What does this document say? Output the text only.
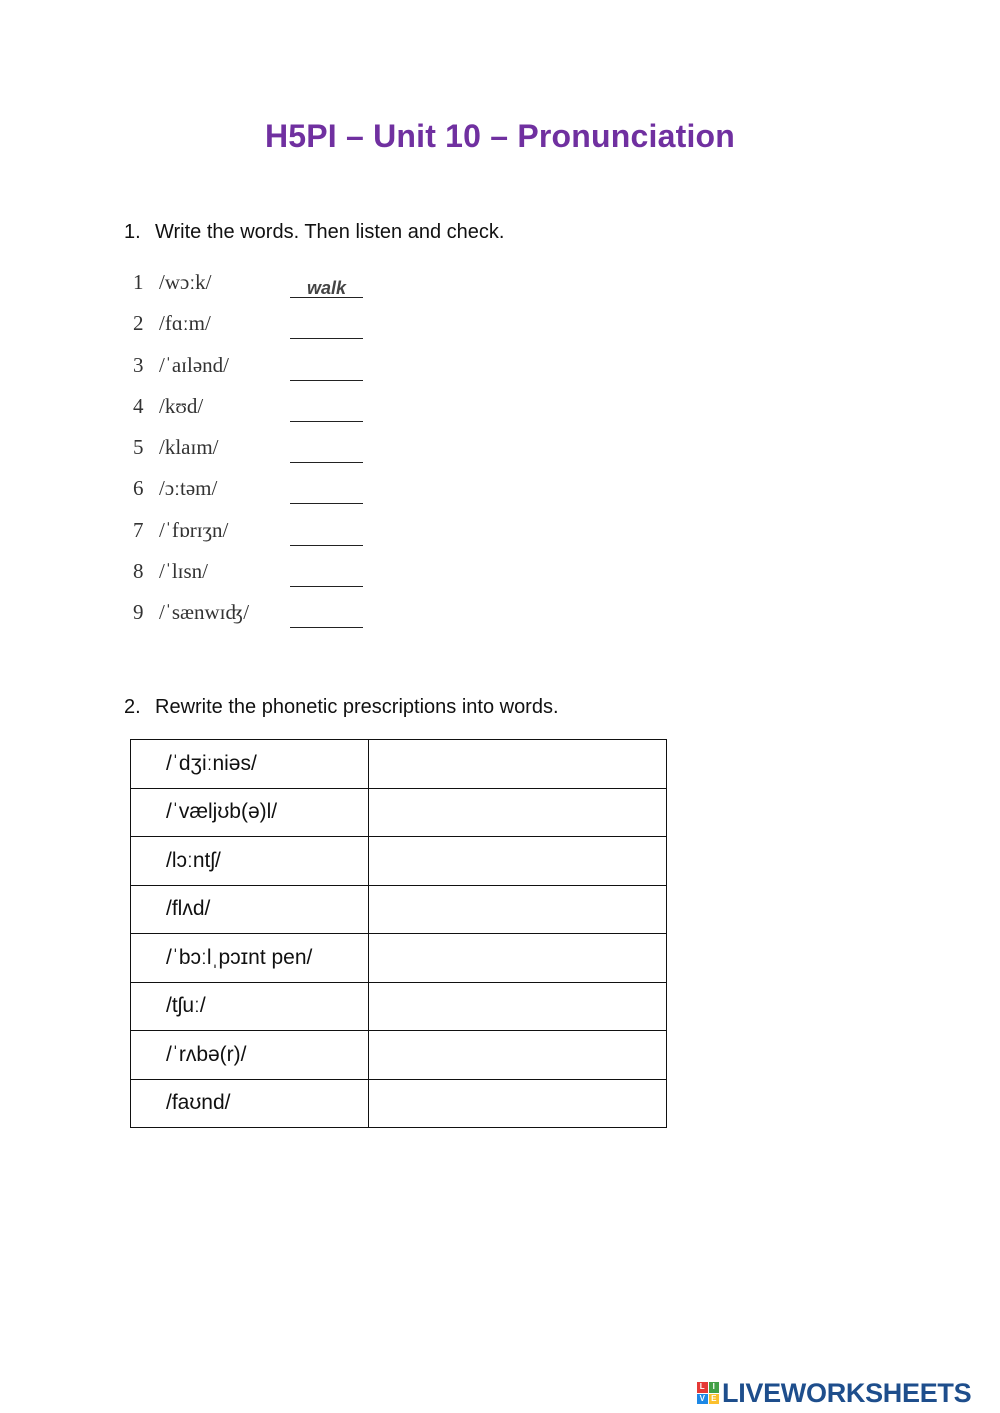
H5PI – Unit 10 – Pronunciation
1. Write the words. Then listen and check.
1 /wɔːk/	walk
2 /fɑːm/
3 /ˈaɪlənd/
4 /kʊd/
5 /klaɪm/
6 /ɔːtəm/
7 /ˈfɒrɪʒn/
8 /ˈlɪsn/
9 /ˈsænwɪʤ/
2. Rewrite the phonetic prescriptions into words.
/ˈdʒiːniəs/	
/ˈvæljʊb(ə)l/	
/lɔːntʃ/	
/flʌd/	
/ˈbɔːlˌpɔɪnt pen/	
/tʃuː/	
/ˈrʌbə(r)/	
/faʊnd/	
L I
V E LIVEWORKSHEETS
